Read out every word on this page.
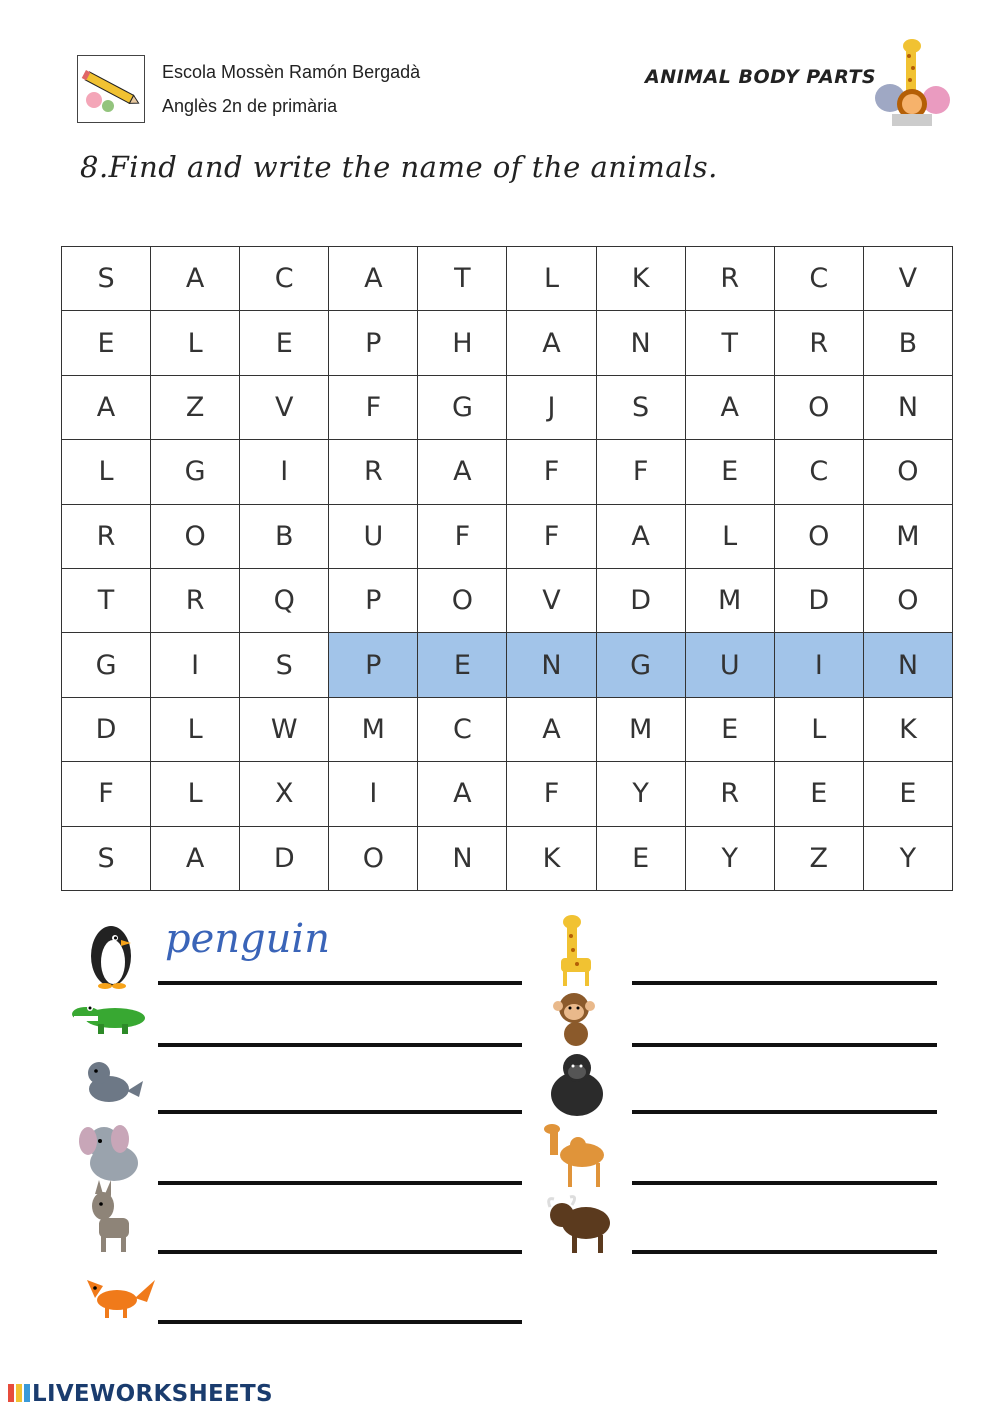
Escola Mossèn Ramón Bergadà
Anglès 2n de primària
ANIMAL BODY PARTS
8.Find and write the name of the animals.
S	A	C	A	T	L	K	R	C	V
E	L	E	P	H	A	N	T	R	B
A	Z	V	F	G	J	S	A	O	N
L	G	I	R	A	F	F	E	C	O
R	O	B	U	F	F	A	L	O	M
T	R	Q	P	O	V	D	M	D	O
G	I	S	P	E	N	G	U	I	N
D	L	W	M	C	A	M	E	L	K
F	L	X	I	A	F	Y	R	E	E
S	A	D	O	N	K	E	Y	Z	Y
penguin
LIVEWORKSHEETS
